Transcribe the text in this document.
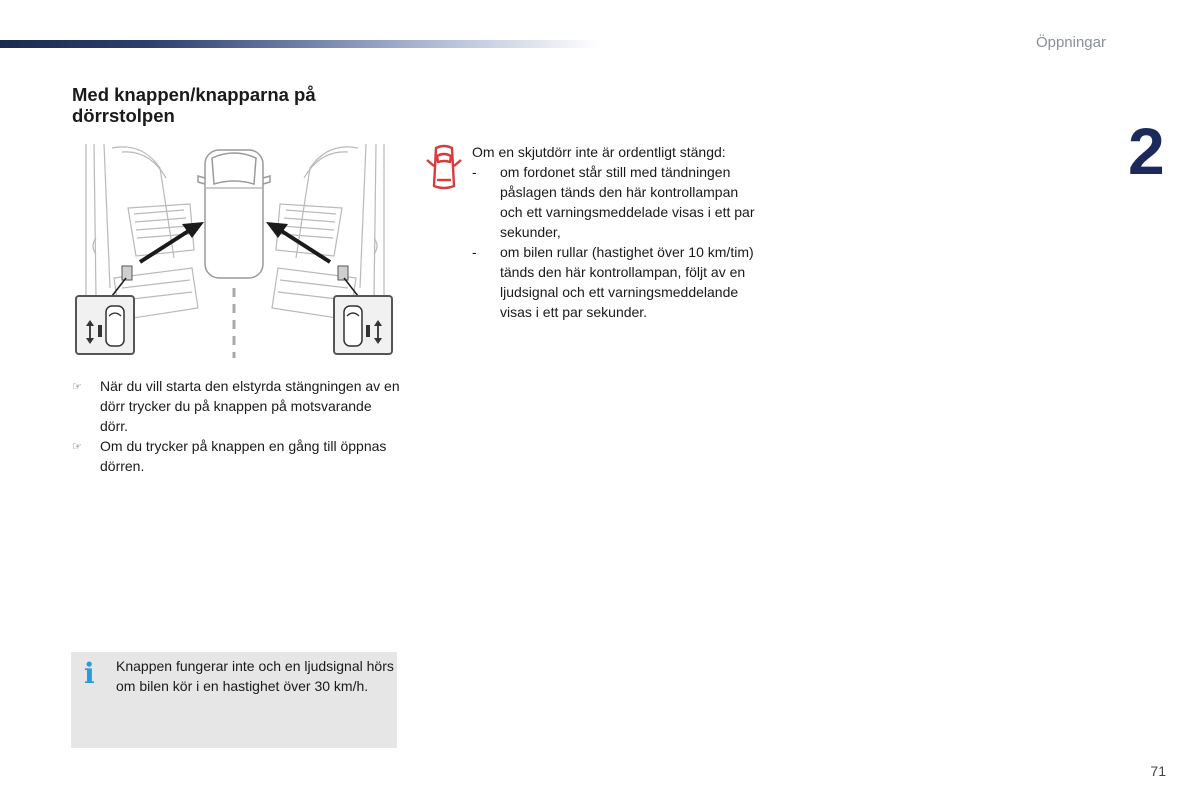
Öppningar
2
Med knappen/knapparna på dörrstolpen
☞ När du vill starta den elstyrda stängningen av en dörr trycker du på knappen på motsvarande dörr.
☞ Om du trycker på knappen en gång till öppnas dörren.
Om en skjutdörr inte är ordentligt stängd:
- om fordonet står still med tändningen påslagen tänds den här kontrollampan och ett varningsmeddelade visas i ett par sekunder,
- om bilen rullar (hastighet över 10 km/tim) tänds den här kontrollampan, följt av en ljudsignal och ett varningsmeddelande visas i ett par sekunder.
i Knappen fungerar inte och en ljudsignal hörs om bilen kör i en hastighet över 30 km/h.
71
